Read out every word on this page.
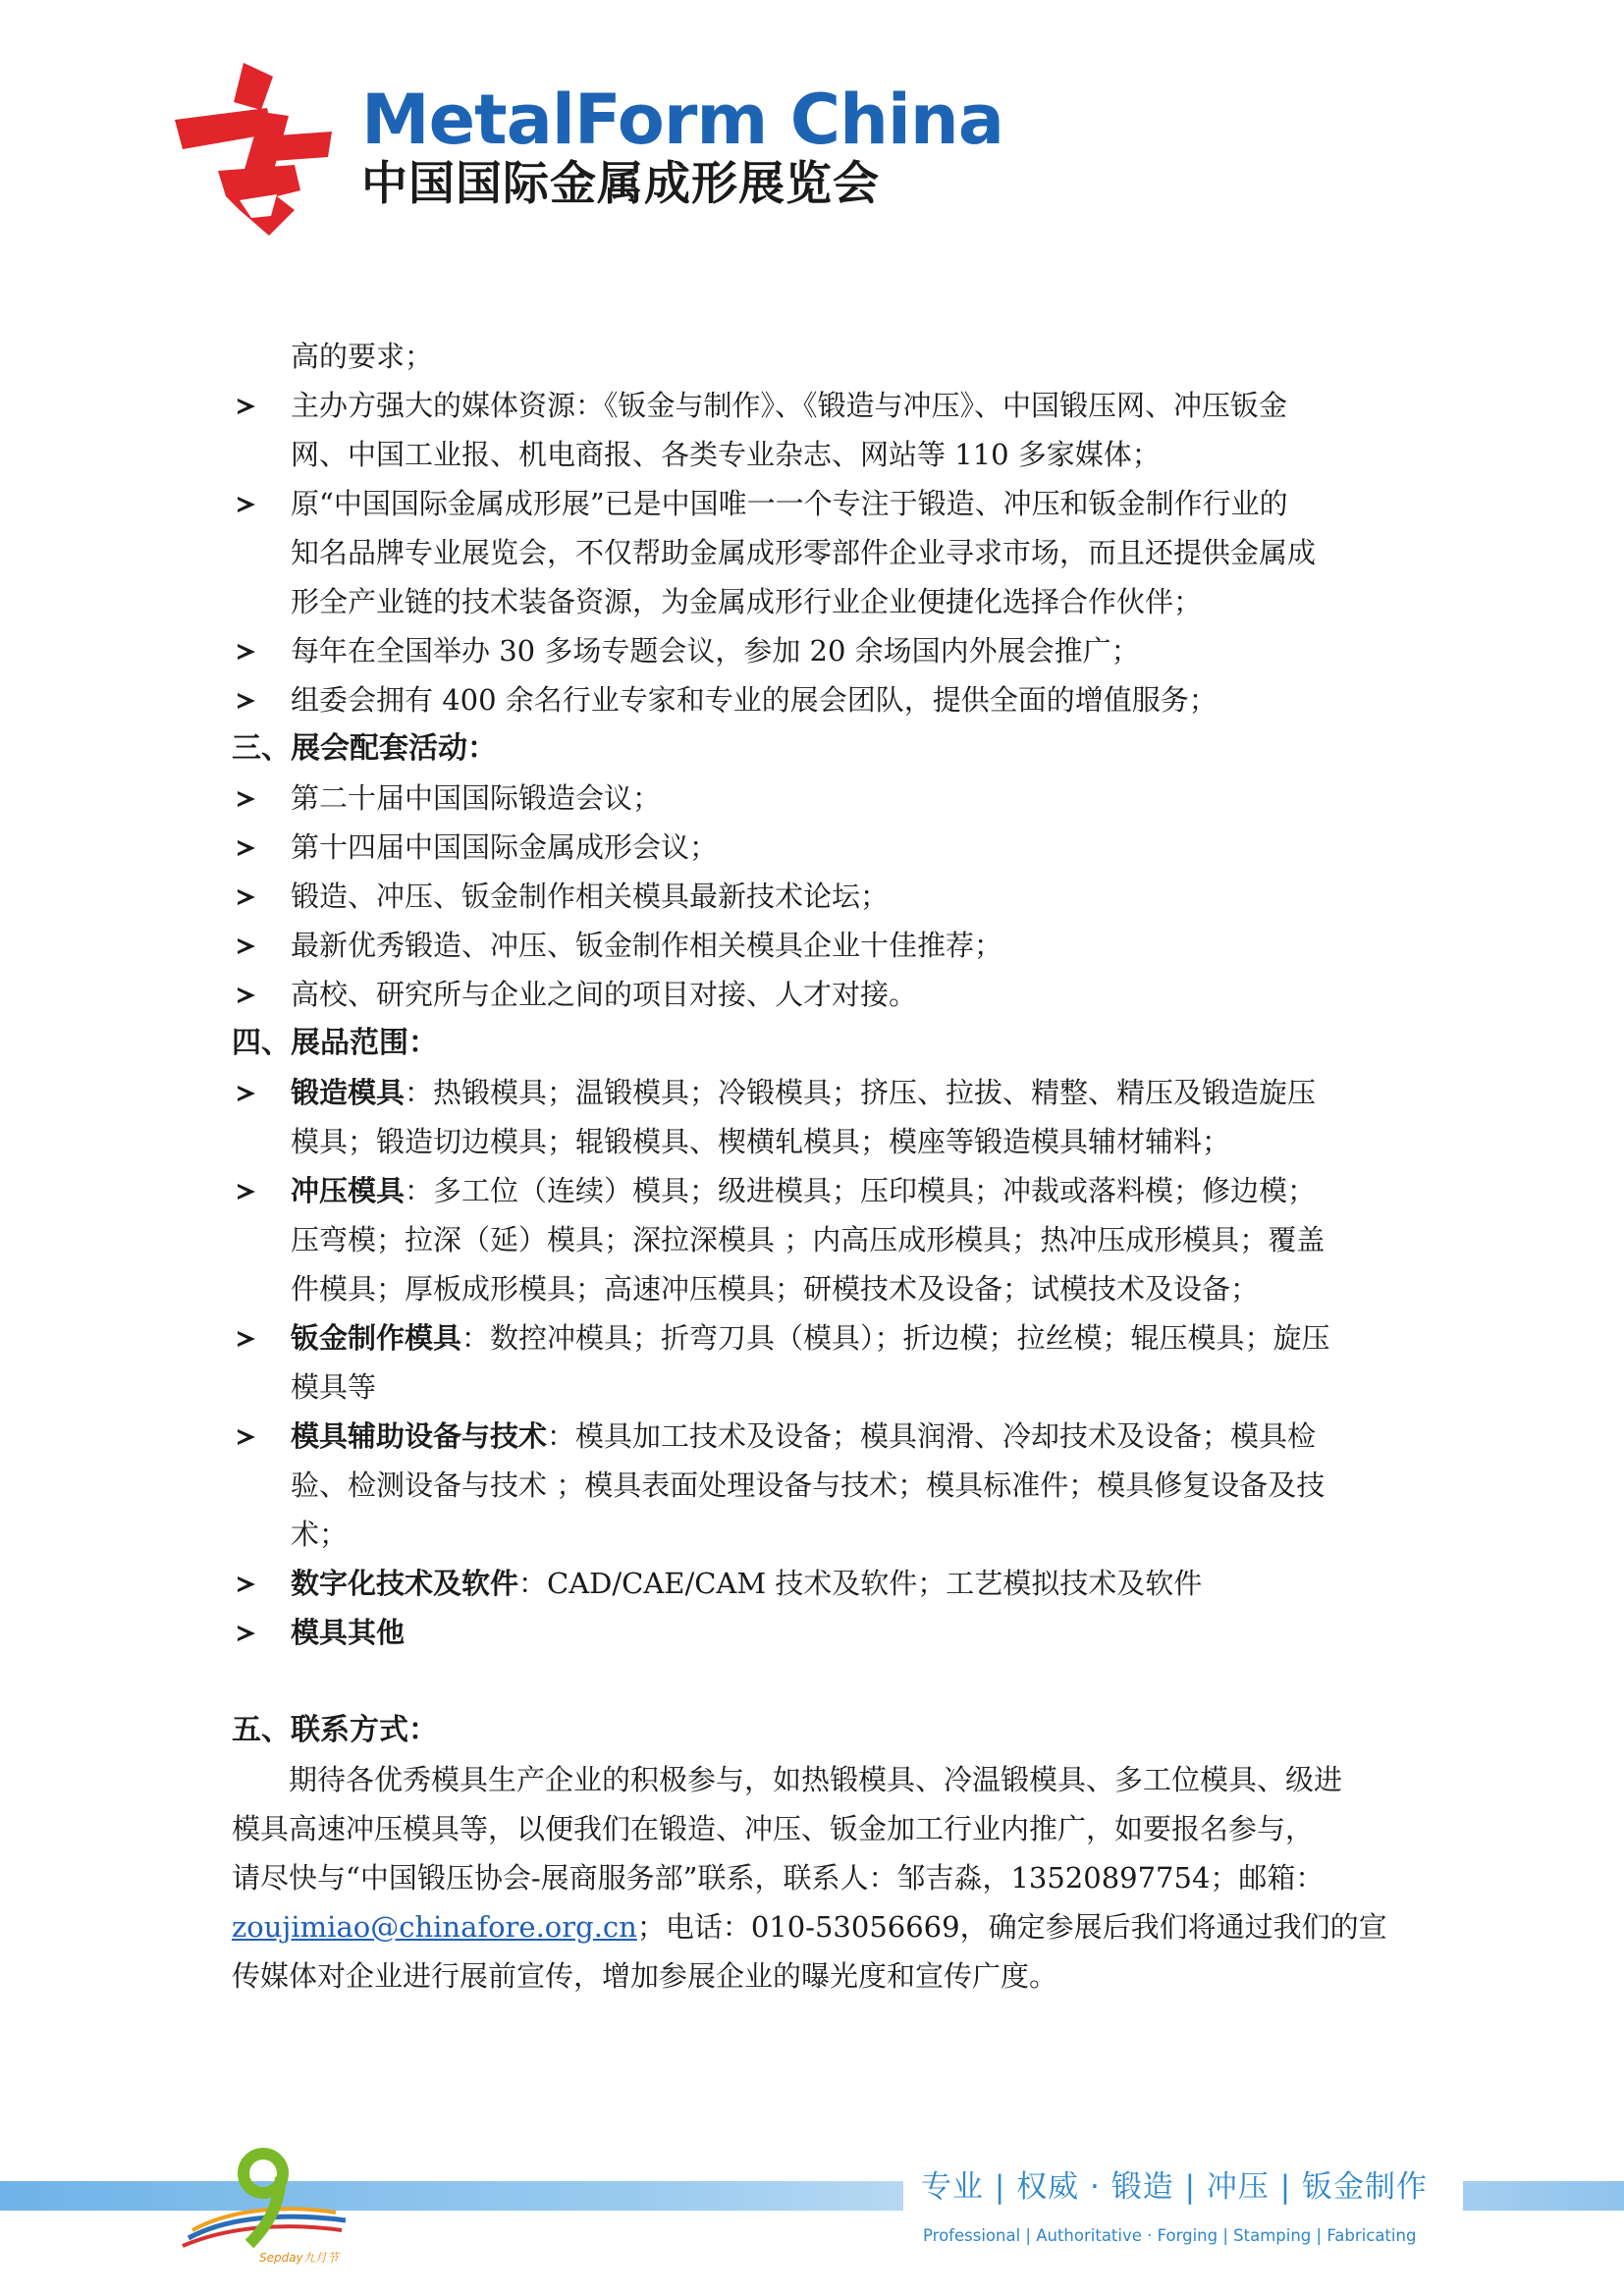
MetalForm China
中国国际金属成形展览会
高的要求；
主办方强大的媒体资源：《钣金与制作》、《锻造与冲压》、中国锻压网、冲压钣金
网、中国工业报、机电商报、各类专业杂志、网站等 110 多家媒体；
原“中国国际金属成形展”已是中国唯一一个专注于锻造、冲压和钣金制作行业的
知名品牌专业展览会，不仅帮助金属成形零部件企业寻求市场，而且还提供金属成
形全产业链的技术装备资源，为金属成形行业企业便捷化选择合作伙伴；
每年在全国举办 30 多场专题会议，参加 20 余场国内外展会推广；
组委会拥有 400 余名行业专家和专业的展会团队，提供全面的增值服务；
三、展会配套活动：
第二十届中国国际锻造会议；
第十四届中国国际金属成形会议；
锻造、冲压、钣金制作相关模具最新技术论坛；
最新优秀锻造、冲压、钣金制作相关模具企业十佳推荐；
高校、研究所与企业之间的项目对接、人才对接。
四、展品范围：
锻造模具：热锻模具；温锻模具；冷锻模具；挤压、拉拔、精整、精压及锻造旋压
模具；锻造切边模具；辊锻模具、楔横轧模具；模座等锻造模具辅材辅料；
冲压模具：多工位（连续）模具；级进模具；压印模具；冲裁或落料模；修边模；
压弯模；拉深（延）模具；深拉深模具 ；内高压成形模具；热冲压成形模具；覆盖
件模具；厚板成形模具；高速冲压模具；研模技术及设备；试模技术及设备；
钣金制作模具：数控冲模具；折弯刀具（模具）；折边模；拉丝模；辊压模具；旋压
模具等
模具辅助设备与技术：模具加工技术及设备；模具润滑、冷却技术及设备；模具检
验、检测设备与技术 ；模具表面处理设备与技术；模具标准件；模具修复设备及技
术；
数字化技术及软件：CAD/CAE/CAM 技术及软件；工艺模拟技术及软件
模具其他
五、联系方式：
期待各优秀模具生产企业的积极参与，如热锻模具、冷温锻模具、多工位模具、级进
模具高速冲压模具等，以便我们在锻造、冲压、钣金加工行业内推广，如要报名参与，
请尽快与“中国锻压协会-展商服务部”联系，联系人：邹吉淼，13520897754；邮箱：
zoujimiao@chinafore.org.cn；电话：010-53056669，确定参展后我们将通过我们的宣
传媒体对企业进行展前宣传，增加参展企业的曝光度和宣传广度。
Sepday九月节
专业 | 权威 · 锻造 | 冲压 | 钣金制作
Professional | Authoritative · Forging | Stamping | Fabricating
